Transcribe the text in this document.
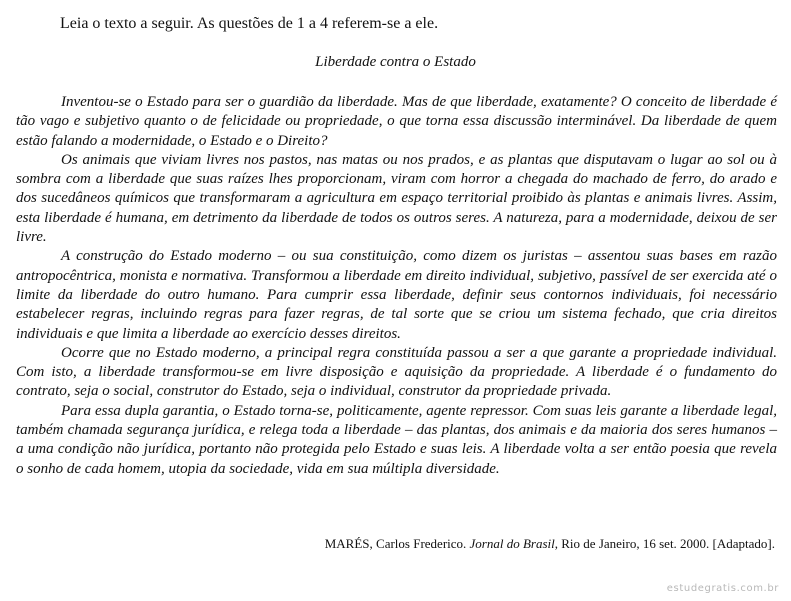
Leia o texto a seguir. As questões de 1 a 4 referem-se a ele.
Liberdade contra o Estado

Inventou-se o Estado para ser o guardião da liberdade. Mas de que liberdade, exatamente? O conceito de liberdade é tão vago e subjetivo quanto o de felicidade ou propriedade, o que torna essa discussão interminável. Da liberdade de quem estão falando a modernidade, o Estado e o Direito?

Os animais que viviam livres nos pastos, nas matas ou nos prados, e as plantas que disputavam o lugar ao sol ou à sombra com a liberdade que suas raízes lhes proporcionam, viram com horror a chegada do machado de ferro, do arado e dos sucedâneos químicos que transformaram a agricultura em espaço territorial proibido às plantas e animais livres. Assim, esta liberdade é humana, em detrimento da liberdade de todos os outros seres. A natureza, para a modernidade, deixou de ser livre.

A construção do Estado moderno – ou sua constituição, como dizem os juristas – assentou suas bases em razão antropocêntrica, monista e normativa. Transformou a liberdade em direito individual, subjetivo, passível de ser exercida até o limite da liberdade do outro humano. Para cumprir essa liberdade, definir seus contornos individuais, foi necessário estabelecer regras, incluindo regras para fazer regras, de tal sorte que se criou um sistema fechado, que cria direitos individuais e que limita a liberdade ao exercício desses direitos.

Ocorre que no Estado moderno, a principal regra constituída passou a ser a que garante a propriedade individual. Com isto, a liberdade transformou-se em livre disposição e aquisição da propriedade. A liberdade é o fundamento do contrato, seja o social, construtor do Estado, seja o individual, construtor da propriedade privada.

Para essa dupla garantia, o Estado torna-se, politicamente, agente repressor. Com suas leis garante a liberdade legal, também chamada segurança jurídica, e relega toda a liberdade – das plantas, dos animais e da maioria dos seres humanos – a uma condição não jurídica, portanto não protegida pelo Estado e suas leis. A liberdade volta a ser então poesia que revela o sonho de cada homem, utopia da sociedade, vida em sua múltipla diversidade.

MARÉS, Carlos Frederico. Jornal do Brasil, Rio de Janeiro, 16 set. 2000. [Adaptado].
estudegratis.com.br
